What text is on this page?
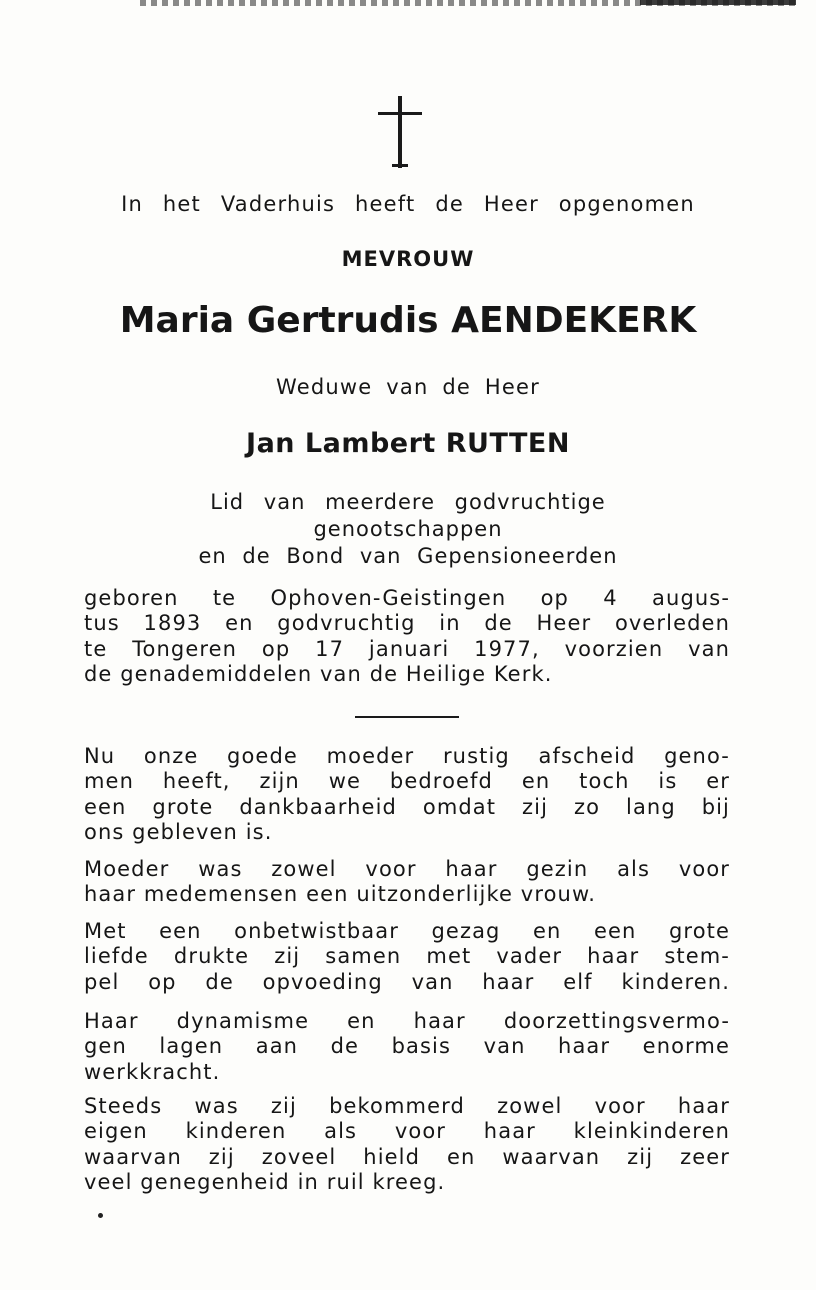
In het Vaderhuis heeft de Heer opgenomen
MEVROUW
Maria Gertrudis AENDEKERK
Weduwe van de Heer
Jan Lambert RUTTEN
Lid van meerdere godvruchtige
genootschappen
en de Bond van Gepensioneerden
geboren te Ophoven-Geistingen op 4 augus-
tus 1893 en godvruchtig in de Heer overleden
te Tongeren op 17 januari 1977, voorzien van
de genademiddelen van de Heilige Kerk.
Nu onze goede moeder rustig afscheid geno-
men heeft, zijn we bedroefd en toch is er
een grote dankbaarheid omdat zij zo lang bij
ons gebleven is.
Moeder was zowel voor haar gezin als voor
haar medemensen een uitzonderlijke vrouw.
Met een onbetwistbaar gezag en een grote
liefde drukte zij samen met vader haar stem-
pel op de opvoeding van haar elf kinderen.
Haar dynamisme en haar doorzettingsvermo-
gen lagen aan de basis van haar enorme
werkkracht.
Steeds was zij bekommerd zowel voor haar
eigen kinderen als voor haar kleinkinderen
waarvan zij zoveel hield en waarvan zij zeer
veel genegenheid in ruil kreeg.
